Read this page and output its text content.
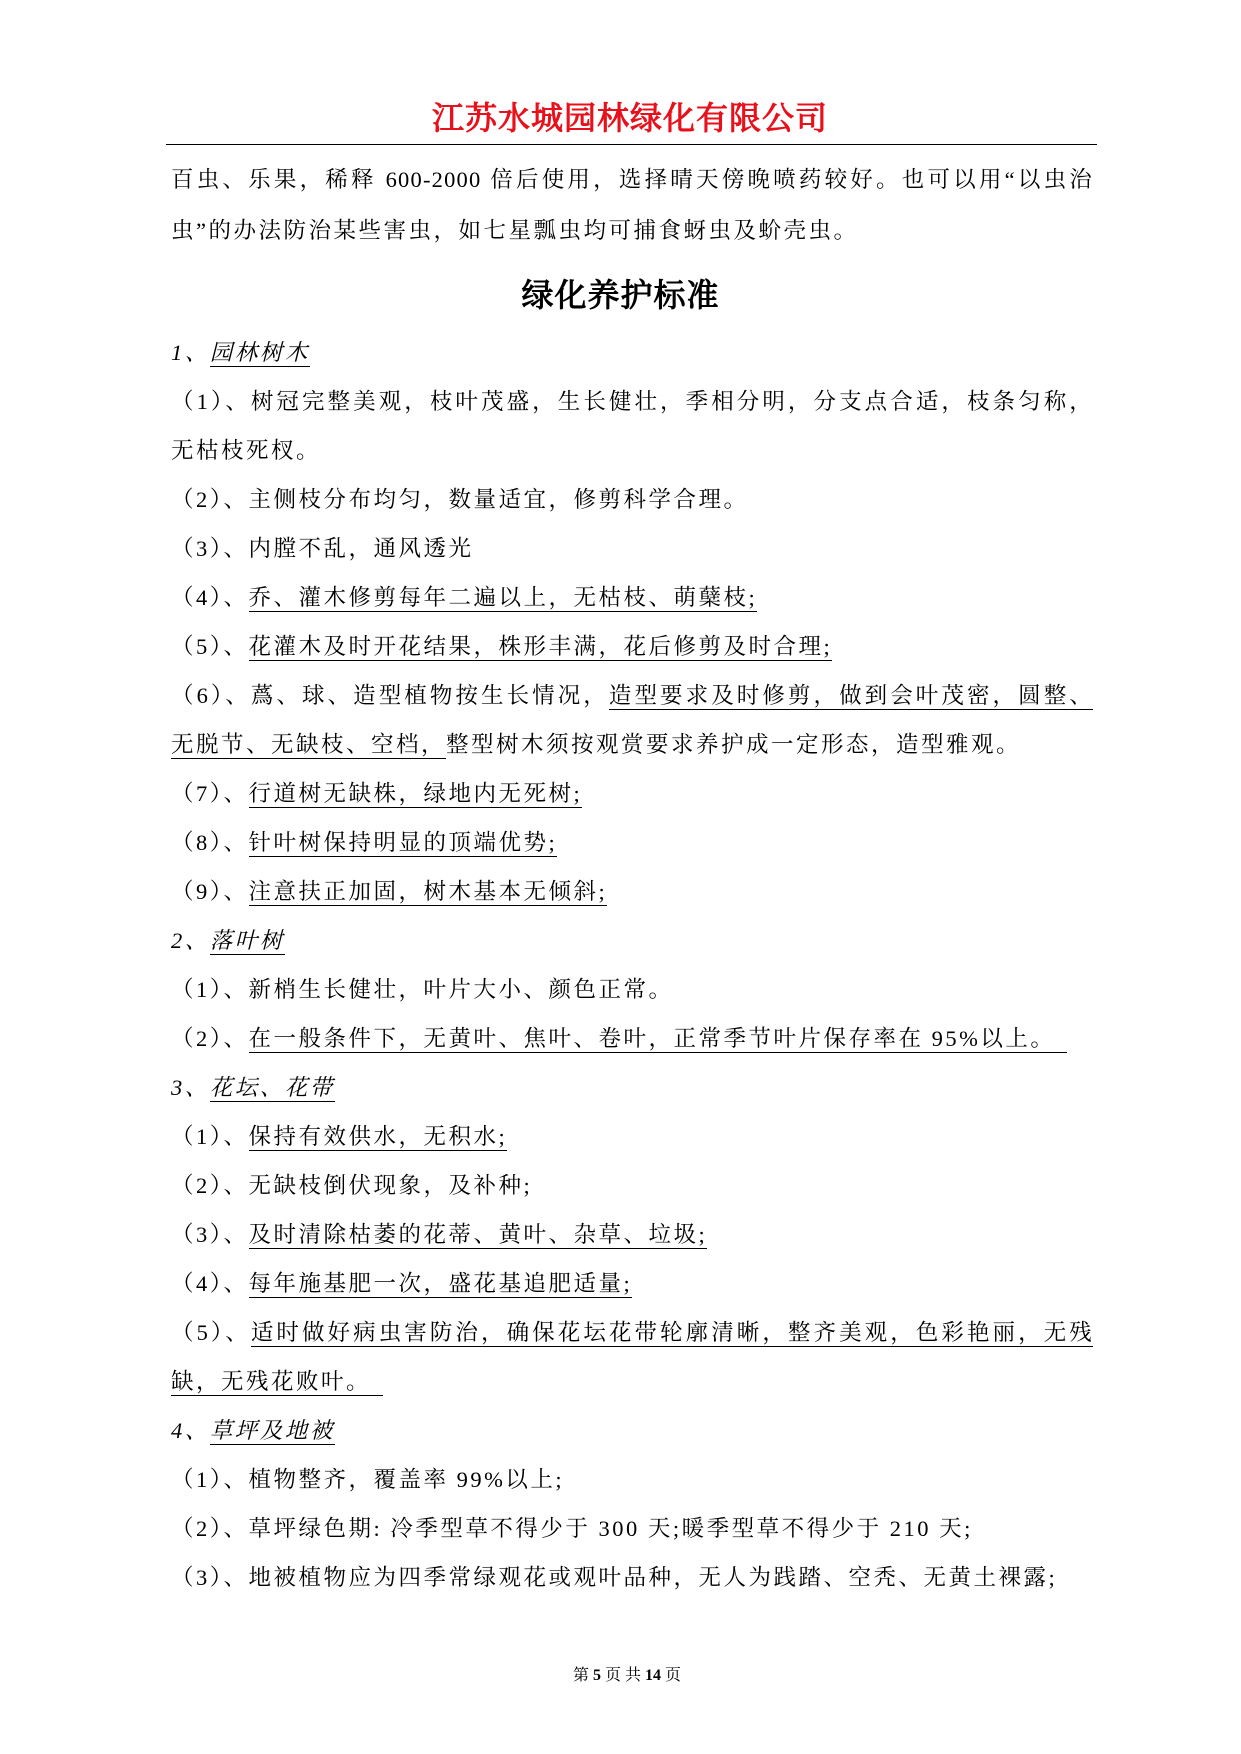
江苏水城园林绿化有限公司
百虫、乐果，稀释 600-2000 倍后使用，选择晴天傍晚喷药较好。也可以用“以虫治
虫”的办法防治某些害虫，如七星瓢虫均可捕食蚜虫及蚧壳虫。
绿化养护标准
1、园林树木
（1）、树冠完整美观，枝叶茂盛，生长健壮，季相分明，分支点合适，枝条匀称，
无枯枝死杈。
（2）、主侧枝分布均匀，数量适宜，修剪科学合理。
（3）、内膛不乱，通风透光
（4）、乔、灌木修剪每年二遍以上，无枯枝、萌蘖枝;
（5）、花灌木及时开花结果，株形丰满，花后修剪及时合理;
（6）、蔿、球、造型植物按生长情况，造型要求及时修剪，做到会叶茂密，圆整、
无脱节、无缺枝、空档，整型树木须按观赏要求养护成一定形态，造型雅观。
（7）、行道树无缺株，绿地内无死树;
（8）、针叶树保持明显的顶端优势;
（9）、注意扶正加固，树木基本无倾斜;
2、落叶树
（1）、新梢生长健壮，叶片大小、颜色正常。
（2）、在一般条件下，无黄叶、焦叶、卷叶，正常季节叶片保存率在 95%以上。
3、花坛、花带
（1）、保持有效供水，无积水;
（2）、无缺枝倒伏现象，及补种;
（3）、及时清除枯萎的花蒂、黄叶、杂草、垃圾;
（4）、每年施基肥一次，盛花基追肥适量;
（5）、适时做好病虫害防治，确保花坛花带轮廓清晰，整齐美观，色彩艳丽，无残
缺，无残花败叶。
4、草坪及地被
（1）、植物整齐，覆盖率 99%以上;
（2）、草坪绿色期: 冷季型草不得少于 300 天;暖季型草不得少于 210 天;
（3）、地被植物应为四季常绿观花或观叶品种，无人为践踏、空秃、无黄土裸露;
第 5 页 共 14 页
